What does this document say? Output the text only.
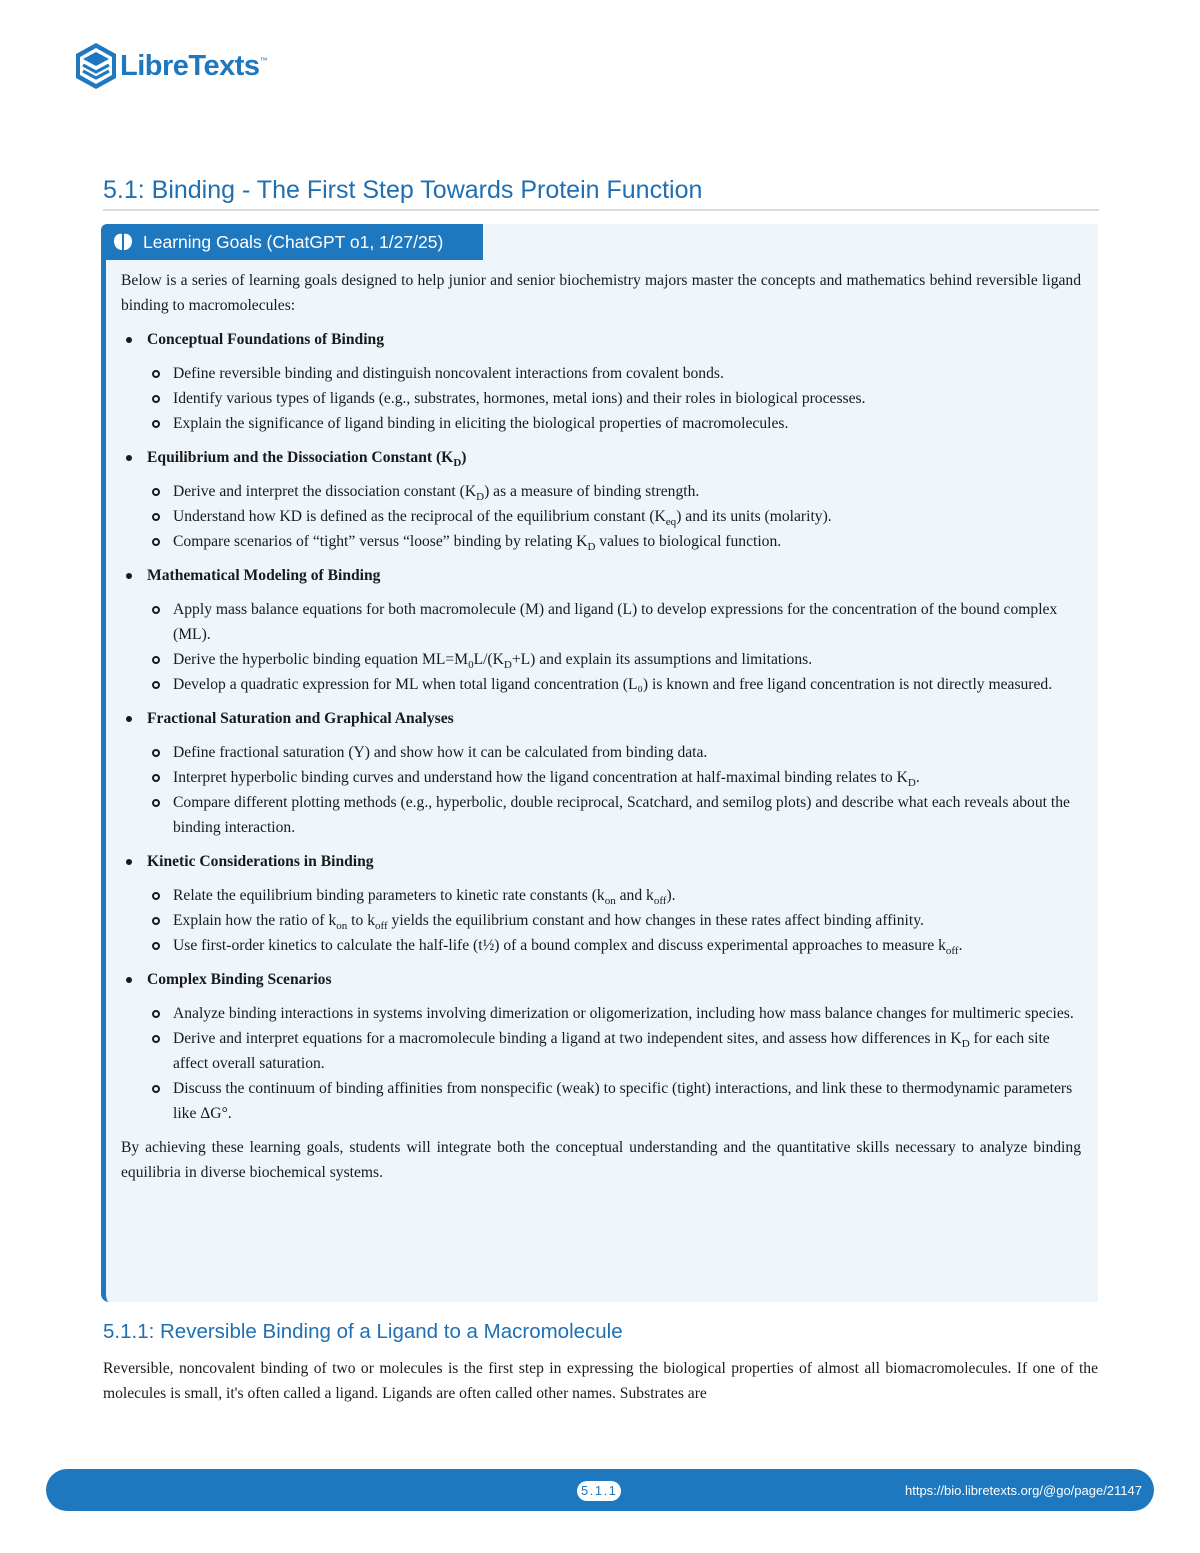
LibreTexts ™
5.1: Binding - The First Step Towards Protein Function
Learning Goals (ChatGPT o1, 1/27/25)

Below is a series of learning goals designed to help junior and senior biochemistry majors master the concepts and mathematics behind reversible ligand binding to macromolecules:

Conceptual Foundations of Binding
Define reversible binding and distinguish noncovalent interactions from covalent bonds.
Identify various types of ligands (e.g., substrates, hormones, metal ions) and their roles in biological processes.
Explain the significance of ligand binding in eliciting the biological properties of macromolecules.
Equilibrium and the Dissociation Constant $(K_D)$
Derive and interpret the dissociation constant $(K_D)$ as a measure of binding strength.
Understand how KD is defined as the reciprocal of the equilibrium constant $(K_{eq})$ and its units (molarity).
Compare scenarios of “tight” versus “loose” binding by relating $K_D$ values to biological function.
Mathematical Modeling of Binding
Apply mass balance equations for both macromolecule (M) and ligand (L) to develop expressions for the concentration of the bound complex (ML).
Derive the hyperbolic binding equation $ML=M_0L/(K_D+L)$ and explain its assumptions and limitations.
Develop a quadratic expression for ML when total ligand concentration (L₀) is known and free ligand concentration is not directly measured.
Fractional Saturation and Graphical Analyses
Define fractional saturation (Y) and show how it can be calculated from binding data.
Interpret hyperbolic binding curves and understand how the ligand concentration at half-maximal binding relates to $K_D$.
Compare different plotting methods (e.g., hyperbolic, double reciprocal, Scatchard, and semilog plots) and describe what each reveals about the binding interaction.
Kinetic Considerations in Binding
Relate the equilibrium binding parameters to kinetic rate constants ($k_{on}$ and $k_{off}$).
Explain how the ratio of $k_{on}$ to $k_{off}$ yields the equilibrium constant and how changes in these rates affect binding affinity.
Use first-order kinetics to calculate the half-life (t½) of a bound complex and discuss experimental approaches to measure $k_{off}$.
Complex Binding Scenarios
Analyze binding interactions in systems involving dimerization or oligomerization, including how mass balance changes for multimeric species.
Derive and interpret equations for a macromolecule binding a ligand at two independent sites, and assess how differences in $K_D$ for each site affect overall saturation.
Discuss the continuum of binding affinities from nonspecific (weak) to specific (tight) interactions, and link these to thermodynamic parameters like ΔG°.

By achieving these learning goals, students will integrate both the conceptual understanding and the quantitative skills necessary to analyze binding equilibria in diverse biochemical systems.

5.1.1: Reversible Binding of a Ligand to a Macromolecule

Reversible, noncovalent binding of two or molecules is the first step in expressing the biological properties of almost all biomacromolecules. If one of the molecules is small, it's often called a ligand. Ligands are often called other names. Substrates are

5.1.1	https://bio.libretexts.org/@go/page/21147
